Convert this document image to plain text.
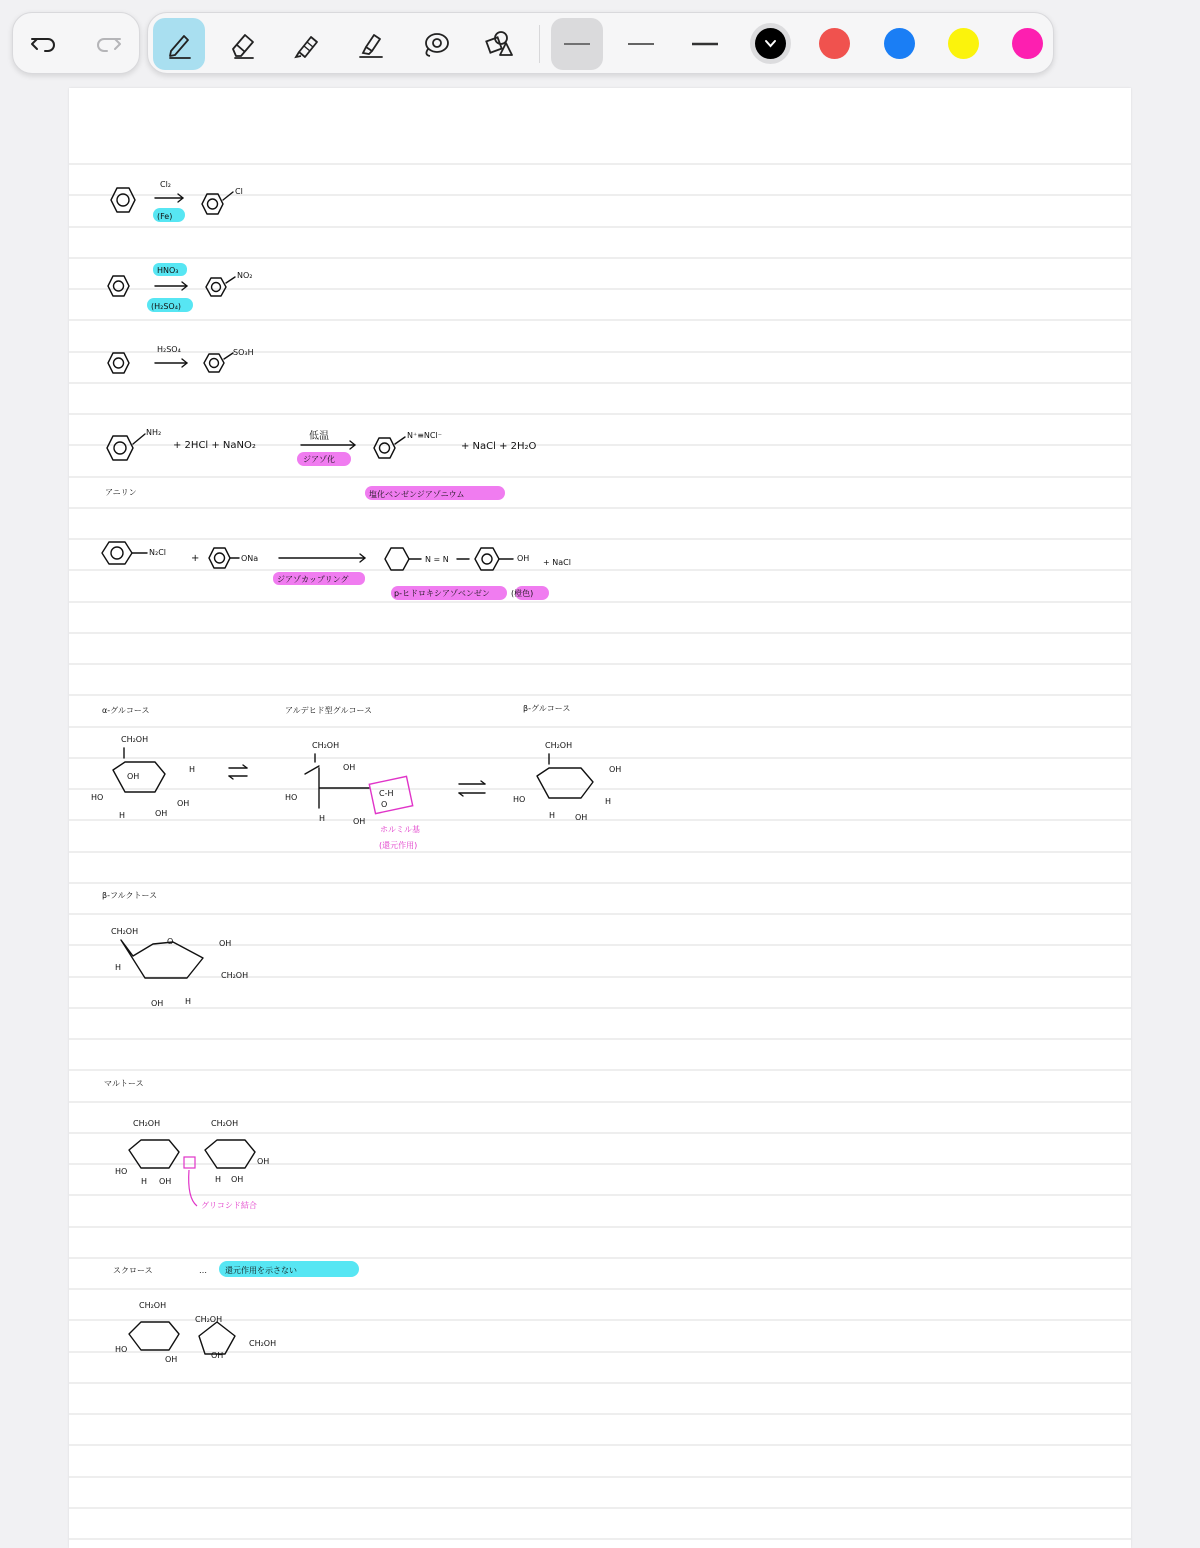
Cl₂
(Fe)
Cl
HNO₃
(H₂SO₄)
NO₂
H₂SO₄	SO₃H
NH₂
+ 2HCl + NaNO₂
低温
ジアゾ化
N⁺≡NCl⁻
+ NaCl + 2H₂O
アニリン	塩化ベンゼンジアゾニウム
N₂Cl
+	ONa
ジアゾカップリング
N = N	OH + NaCl
p-ヒドロキシアゾベンゼン	(橙色)
α-グルコース	アルデヒド型グルコース	β-グルコース
CH₂OH
OH
H
HO
OH
H	OH
CH₂OH
OH
HO
H	OH
C-H
O
ホルミル基
(還元作用)
CH₂OH
OH
HO
H OH
H
β-フルクトース
CH₂OH
O	OH
CH₂OH
H
OH	H
マルトース
CH₂OH	CH₂OH
グリコシド結合
HO
H OH	H OH
OH
スクロース	… 還元作用を示さない
CH₂OH
CH₂OH
CH₂OH
HO
OH	OH
